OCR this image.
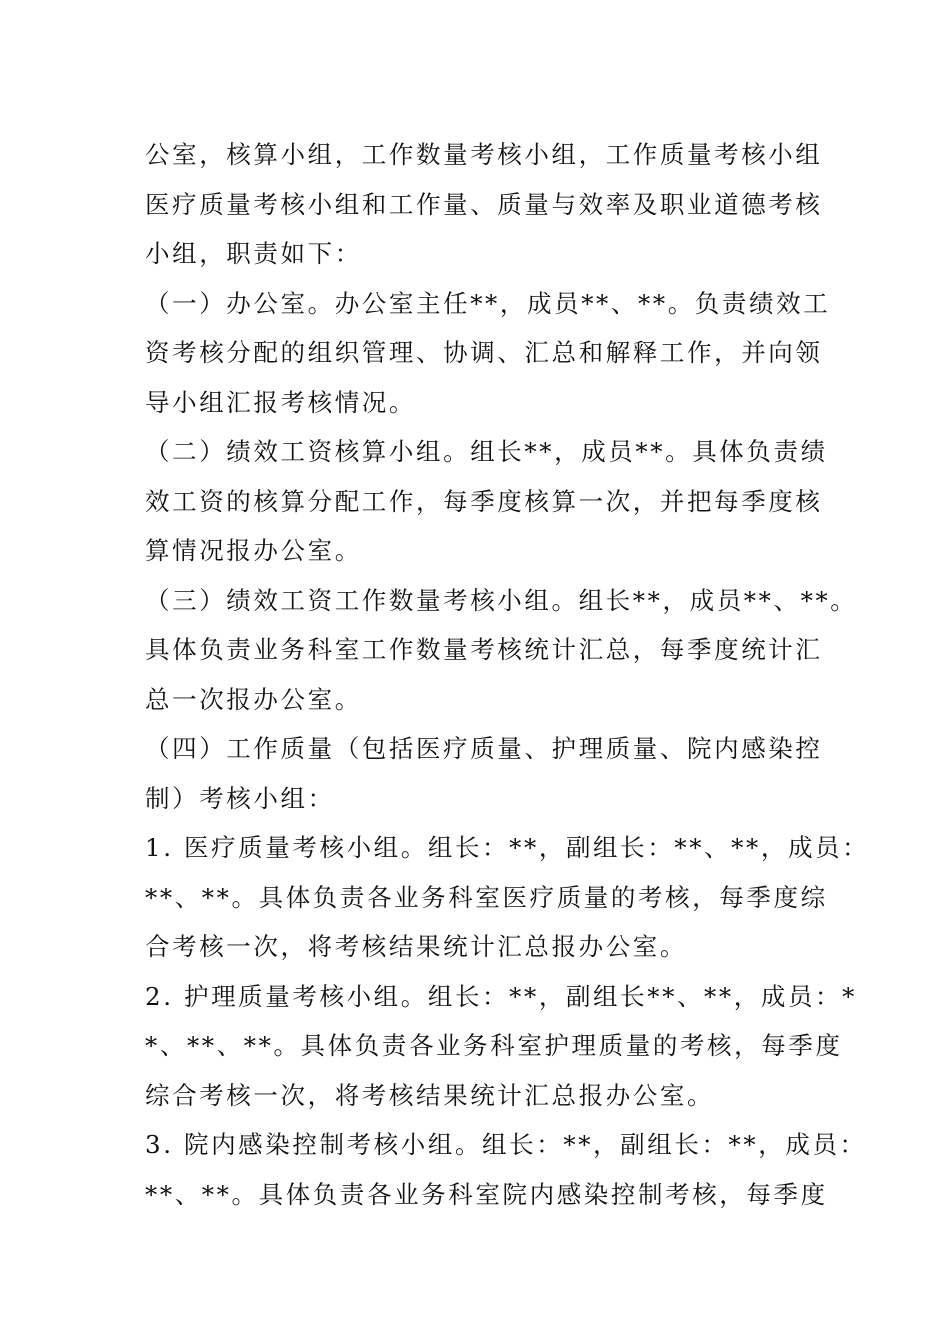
公室，核算小组，工作数量考核小组，工作质量考核小组
医疗质量考核小组和工作量、质量与效率及职业道德考核
小组，职责如下：
（一）办公室。办公室主任**，成员**、**。负责绩效工
资考核分配的组织管理、协调、汇总和解释工作，并向领
导小组汇报考核情况。
（二）绩效工资核算小组。组长**，成员**。具体负责绩
效工资的核算分配工作，每季度核算一次，并把每季度核
算情况报办公室。
（三）绩效工资工作数量考核小组。组长**，成员**、**。
具体负责业务科室工作数量考核统计汇总，每季度统计汇
总一次报办公室。
（四）工作质量（包括医疗质量、护理质量、院内感染控
制）考核小组：
1. 医疗质量考核小组。组长：**，副组长：**、**，成员：
**、**。具体负责各业务科室医疗质量的考核，每季度综
合考核一次，将考核结果统计汇总报办公室。
2. 护理质量考核小组。组长：**，副组长**、**，成员：*
*、**、**。具体负责各业务科室护理质量的考核，每季度
综合考核一次，将考核结果统计汇总报办公室。
3. 院内感染控制考核小组。组长：**，副组长：**，成员：
**、**。具体负责各业务科室院内感染控制考核，每季度
